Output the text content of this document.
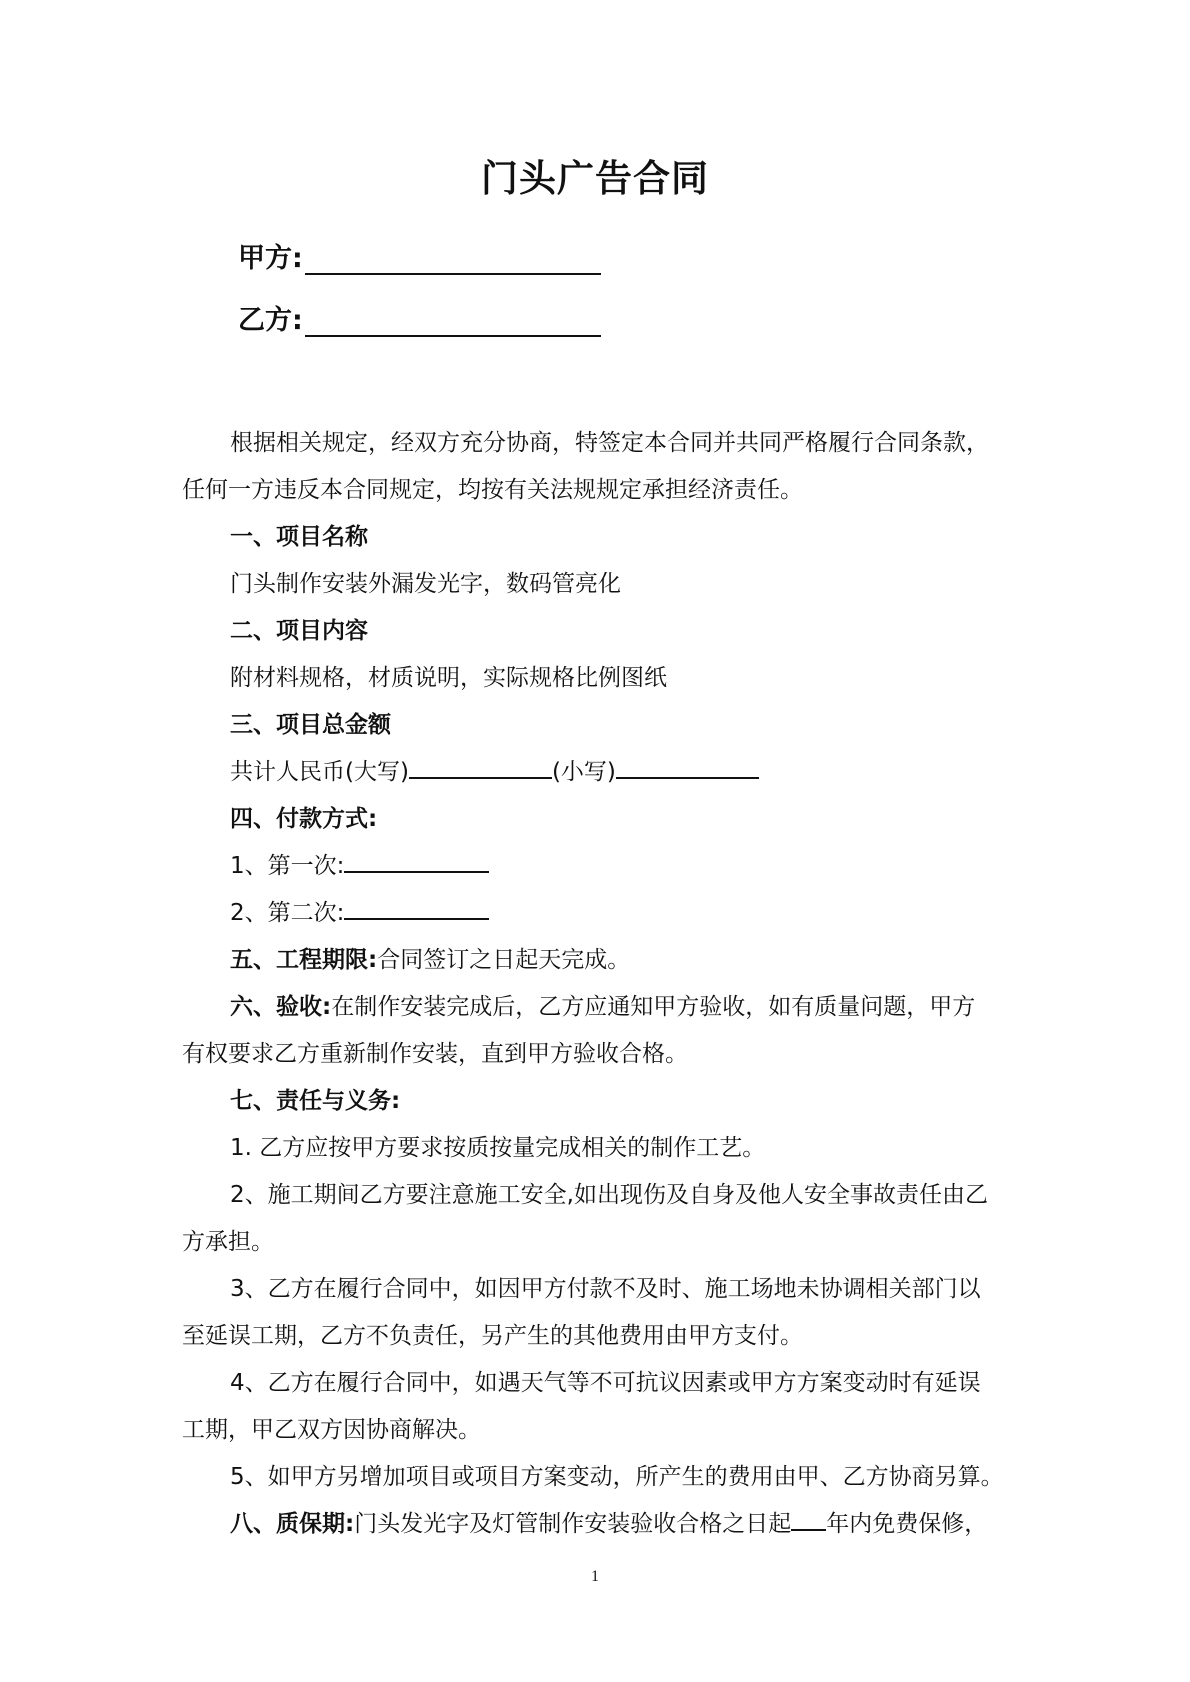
门头广告合同
甲方:
乙方:
根据相关规定，经双方充分协商，特签定本合同并共同严格履行合同条款，
任何一方违反本合同规定，均按有关法规规定承担经济责任。
一、项目名称
门头制作安装外漏发光字，数码管亮化
二、项目内容
附材料规格，材质说明，实际规格比例图纸
三、项目总金额
共计人民币(大写)	(小写)
四、付款方式:
1、第一次:
2、第二次:
五、工程期限:合同签订之日起天完成。
六、验收:在制作安装完成后，乙方应通知甲方验收，如有质量问题，甲方
有权要求乙方重新制作安装，直到甲方验收合格。
七、责任与义务:
1. 乙方应按甲方要求按质按量完成相关的制作工艺。
2、施工期间乙方要注意施工安全,如出现伤及自身及他人安全事故责任由乙
方承担。
3、乙方在履行合同中，如因甲方付款不及时、施工场地未协调相关部门以
至延误工期，乙方不负责任，另产生的其他费用由甲方支付。
4、乙方在履行合同中，如遇天气等不可抗议因素或甲方方案变动时有延误
工期，甲乙双方因协商解决。
5、如甲方另增加项目或项目方案变动，所产生的费用由甲、乙方协商另算。
八、质保期:门头发光字及灯管制作安装验收合格之日起 年内免费保修，
1
